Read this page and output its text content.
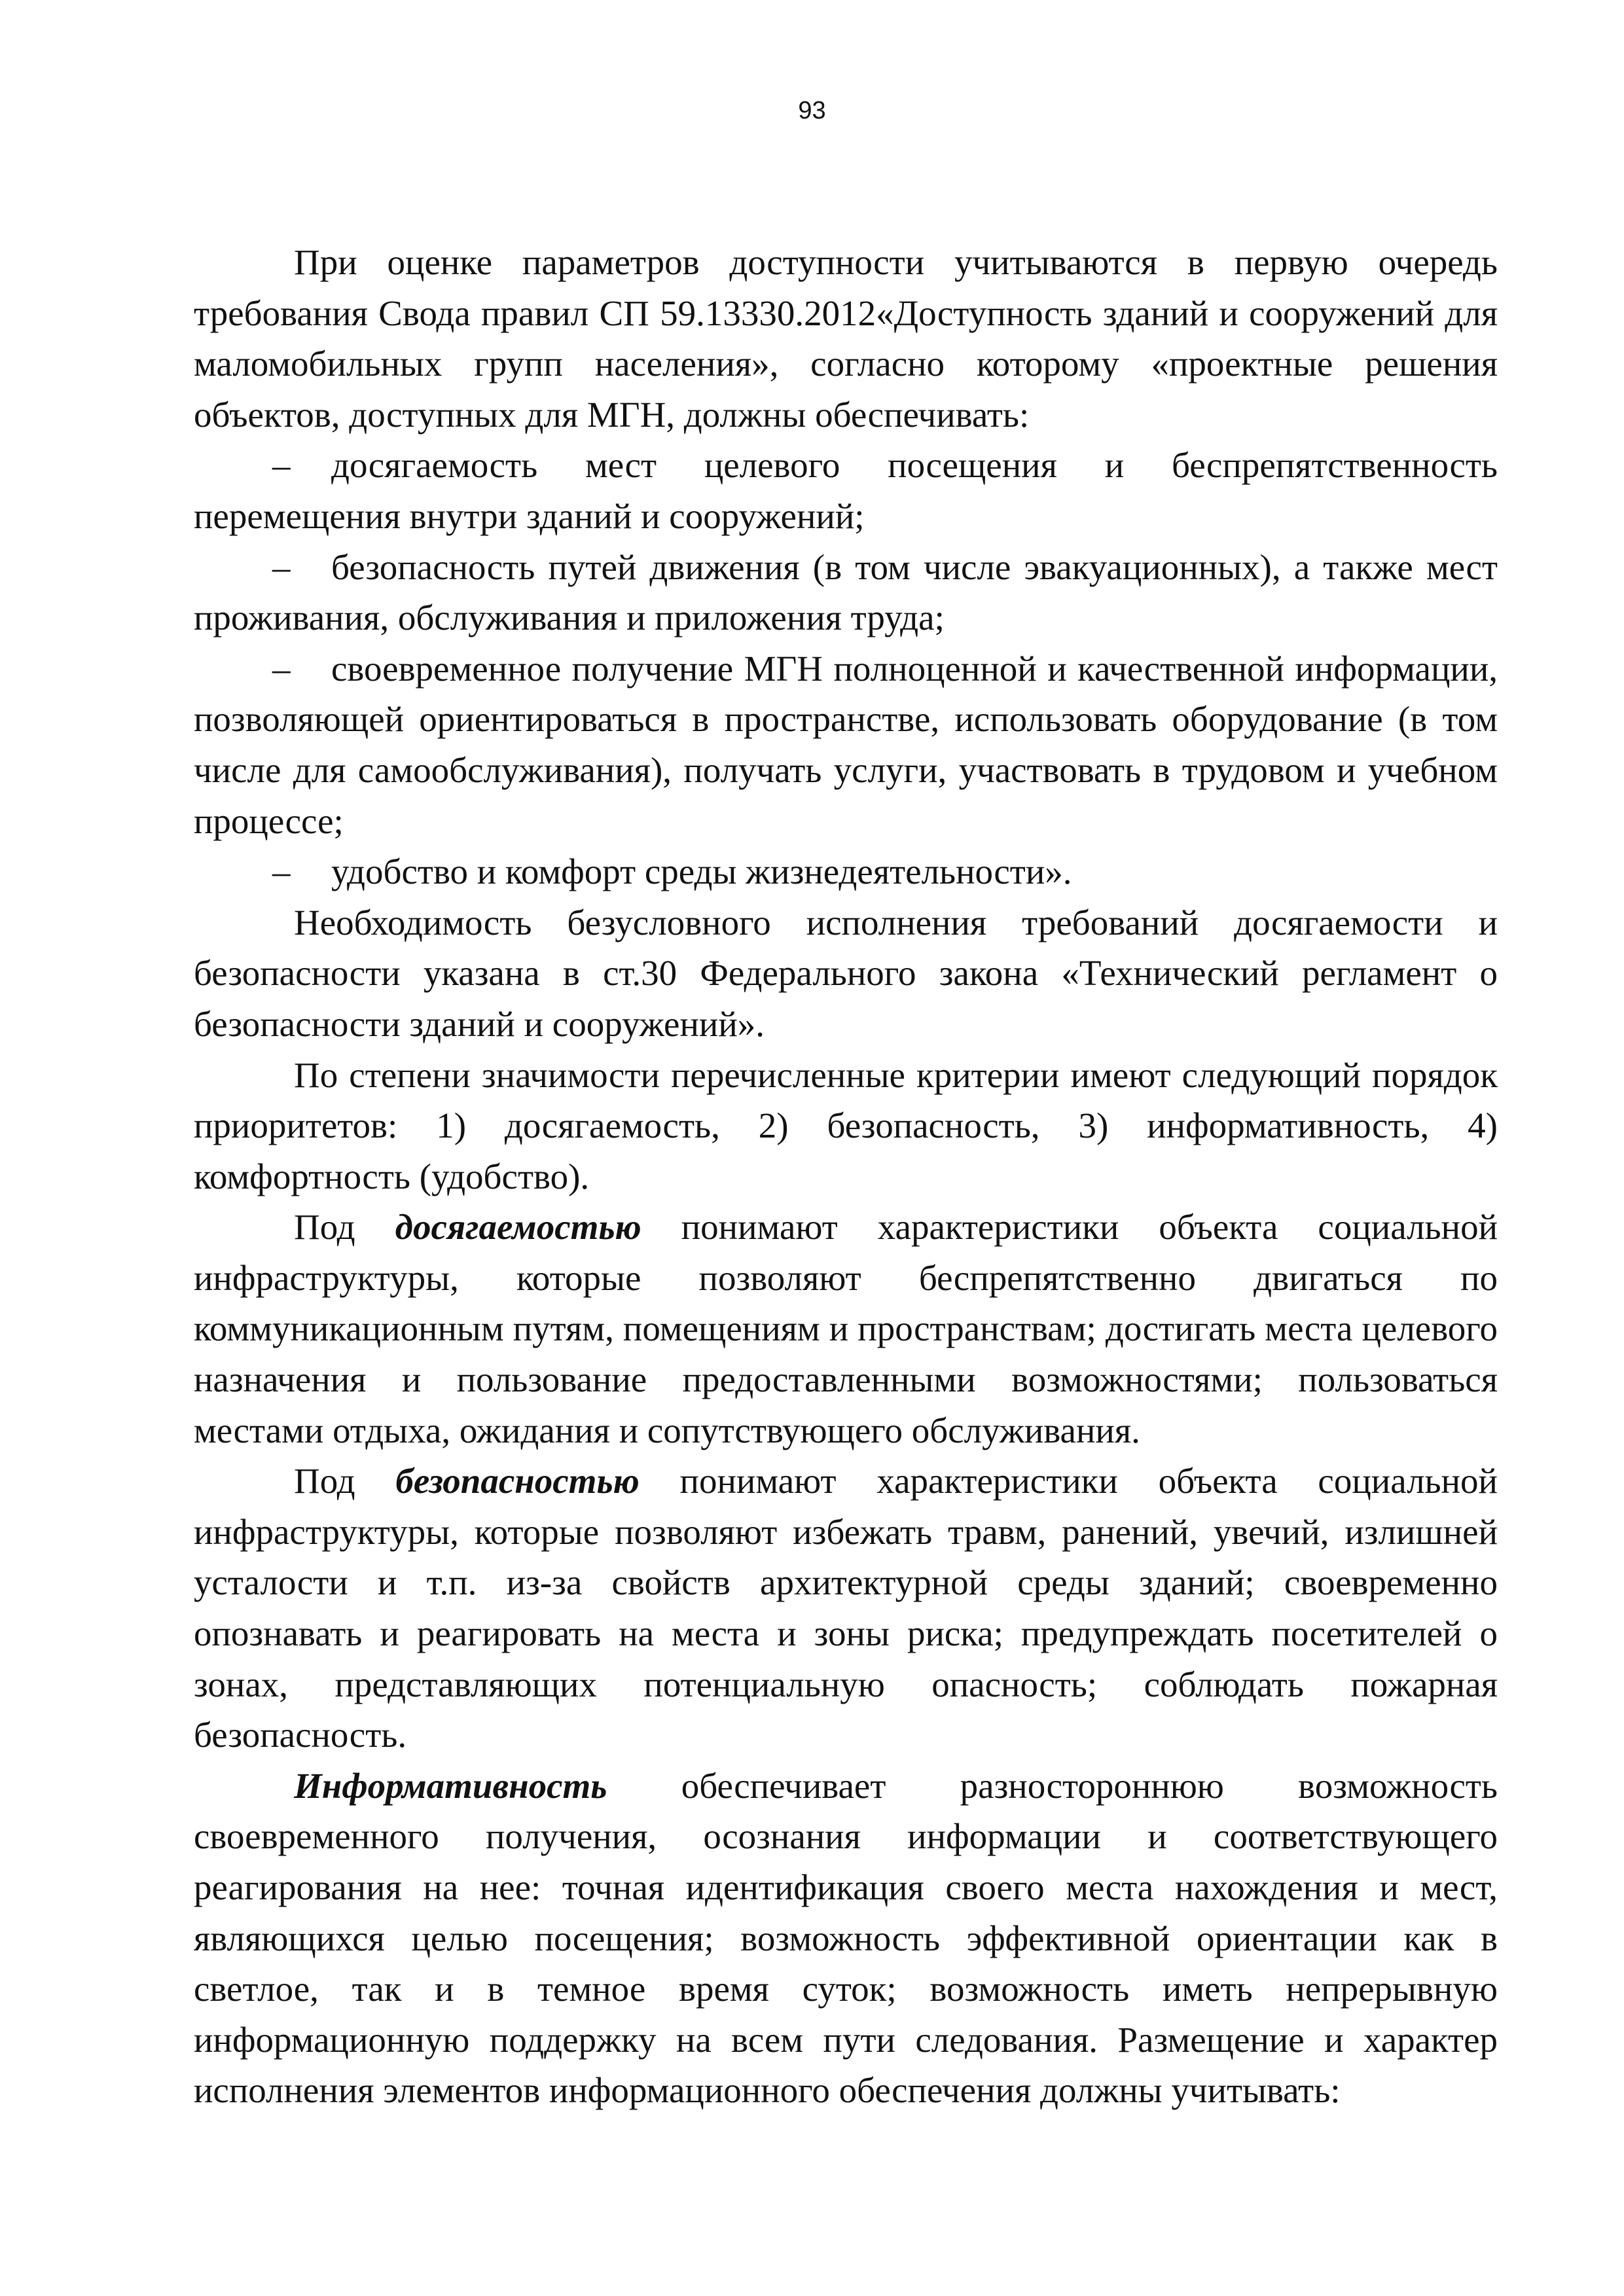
93

При оценке параметров доступности учитываются в первую очередь требования Свода правил СП 59.13330.2012«Доступность зданий и сооружений для маломобильных групп населения», согласно которому «проектные решения объектов, доступных для МГН, должны обеспечивать:

– досягаемость мест целевого посещения и беспрепятственность перемещения внутри зданий и сооружений;

– безопасность путей движения (в том числе эвакуационных), а также мест проживания, обслуживания и приложения труда;

– своевременное получение МГН полноценной и качественной информации, позволяющей ориентироваться в пространстве, использовать оборудование (в том числе для самообслуживания), получать услуги, участвовать в трудовом и учебном процессе;

– удобство и комфорт среды жизнедеятельности».

Необходимость безусловного исполнения требований досягаемости и безопасности указана в ст.30 Федерального закона «Технический регламент о безопасности зданий и сооружений».

По степени значимости перечисленные критерии имеют следующий порядок приоритетов: 1) досягаемость, 2) безопасность, 3) информативность, 4) комфортность (удобство).

Под досягаемостью понимают характеристики объекта социальной инфраструктуры, которые позволяют беспрепятственно двигаться по коммуникационным путям, помещениям и пространствам; достигать места целевого назначения и пользование предоставленными возможностями; пользоваться местами отдыха, ожидания и сопутствующего обслуживания.

Под безопасностью понимают характеристики объекта социальной инфраструктуры, которые позволяют избежать травм, ранений, увечий, излишней усталости и т.п. из-за свойств архитектурной среды зданий; своевременно опознавать и реагировать на места и зоны риска; предупреждать посетителей о зонах, представляющих потенциальную опасность; соблюдать пожарная безопасность.

Информативность обеспечивает разностороннюю возможность своевременного получения, осознания информации и соответствующего реагирования на нее: точная идентификация своего места нахождения и мест, являющихся целью посещения; возможность эффективной ориентации как в светлое, так и в темное время суток; возможность иметь непрерывную информационную поддержку на всем пути следования. Размещение и характер исполнения элементов информационного обеспечения должны учитывать:
